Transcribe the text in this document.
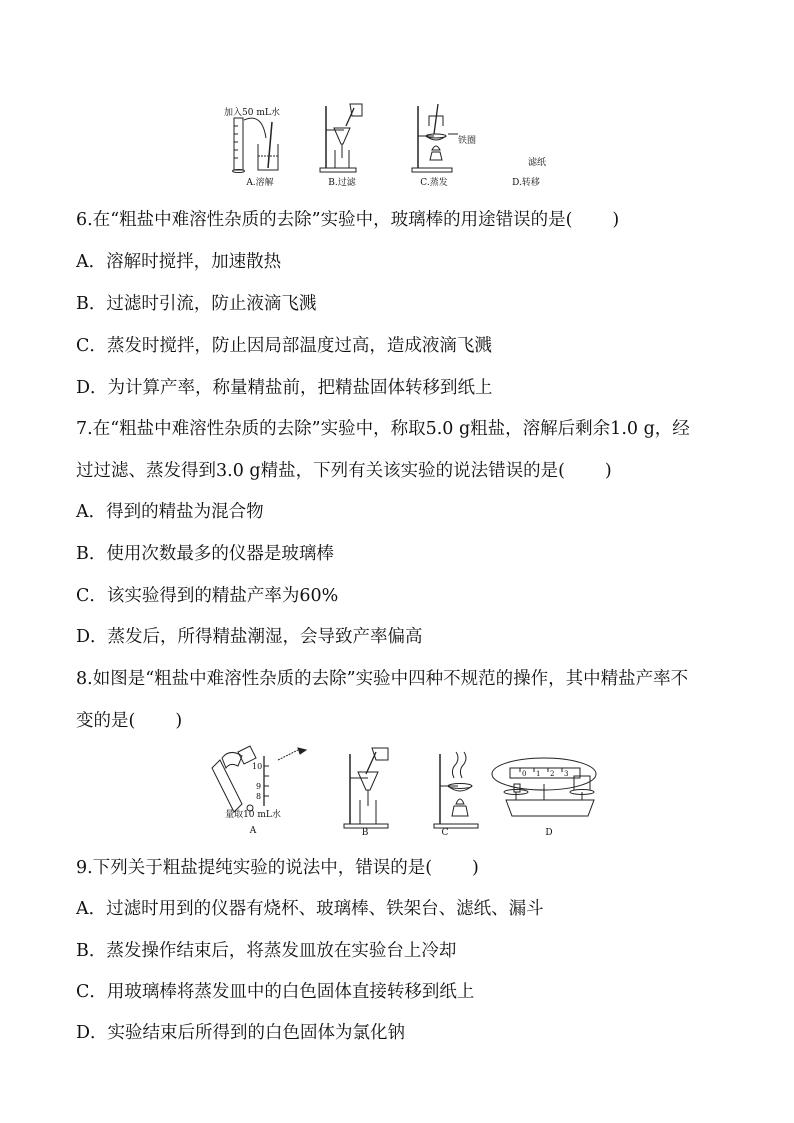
加入50 mL水
铁圈
滤纸
A.溶解	B.过滤	C.蒸发	D.转移
6.在“粗盐中难溶性杂质的去除”实验中，玻璃棒的用途错误的是( )
A．溶解时搅拌，加速散热
B．过滤时引流，防止液滴飞溅
C．蒸发时搅拌，防止因局部温度过高，造成液滴飞溅
D．为计算产率，称量精盐前，把精盐固体转移到纸上
7.在“粗盐中难溶性杂质的去除”实验中，称取5.0 g粗盐，溶解后剩余1.0 g，经
过过滤、蒸发得到3.0 g精盐，下列有关该实验的说法错误的是( )
A．得到的精盐为混合物
B．使用次数最多的仪器是玻璃棒
C．该实验得到的精盐产率为60%
D．蒸发后，所得精盐潮湿，会导致产率偏高
8.如图是“粗盐中难溶性杂质的去除”实验中四种不规范的操作，其中精盐产率不
变的是( )
10
9
8
0 1 2 3
量取10 mL水
A	B	C	D
9.下列关于粗盐提纯实验的说法中，错误的是( )
A．过滤时用到的仪器有烧杯、玻璃棒、铁架台、滤纸、漏斗
B．蒸发操作结束后，将蒸发皿放在实验台上冷却
C．用玻璃棒将蒸发皿中的白色固体直接转移到纸上
D．实验结束后所得到的白色固体为氯化钠
